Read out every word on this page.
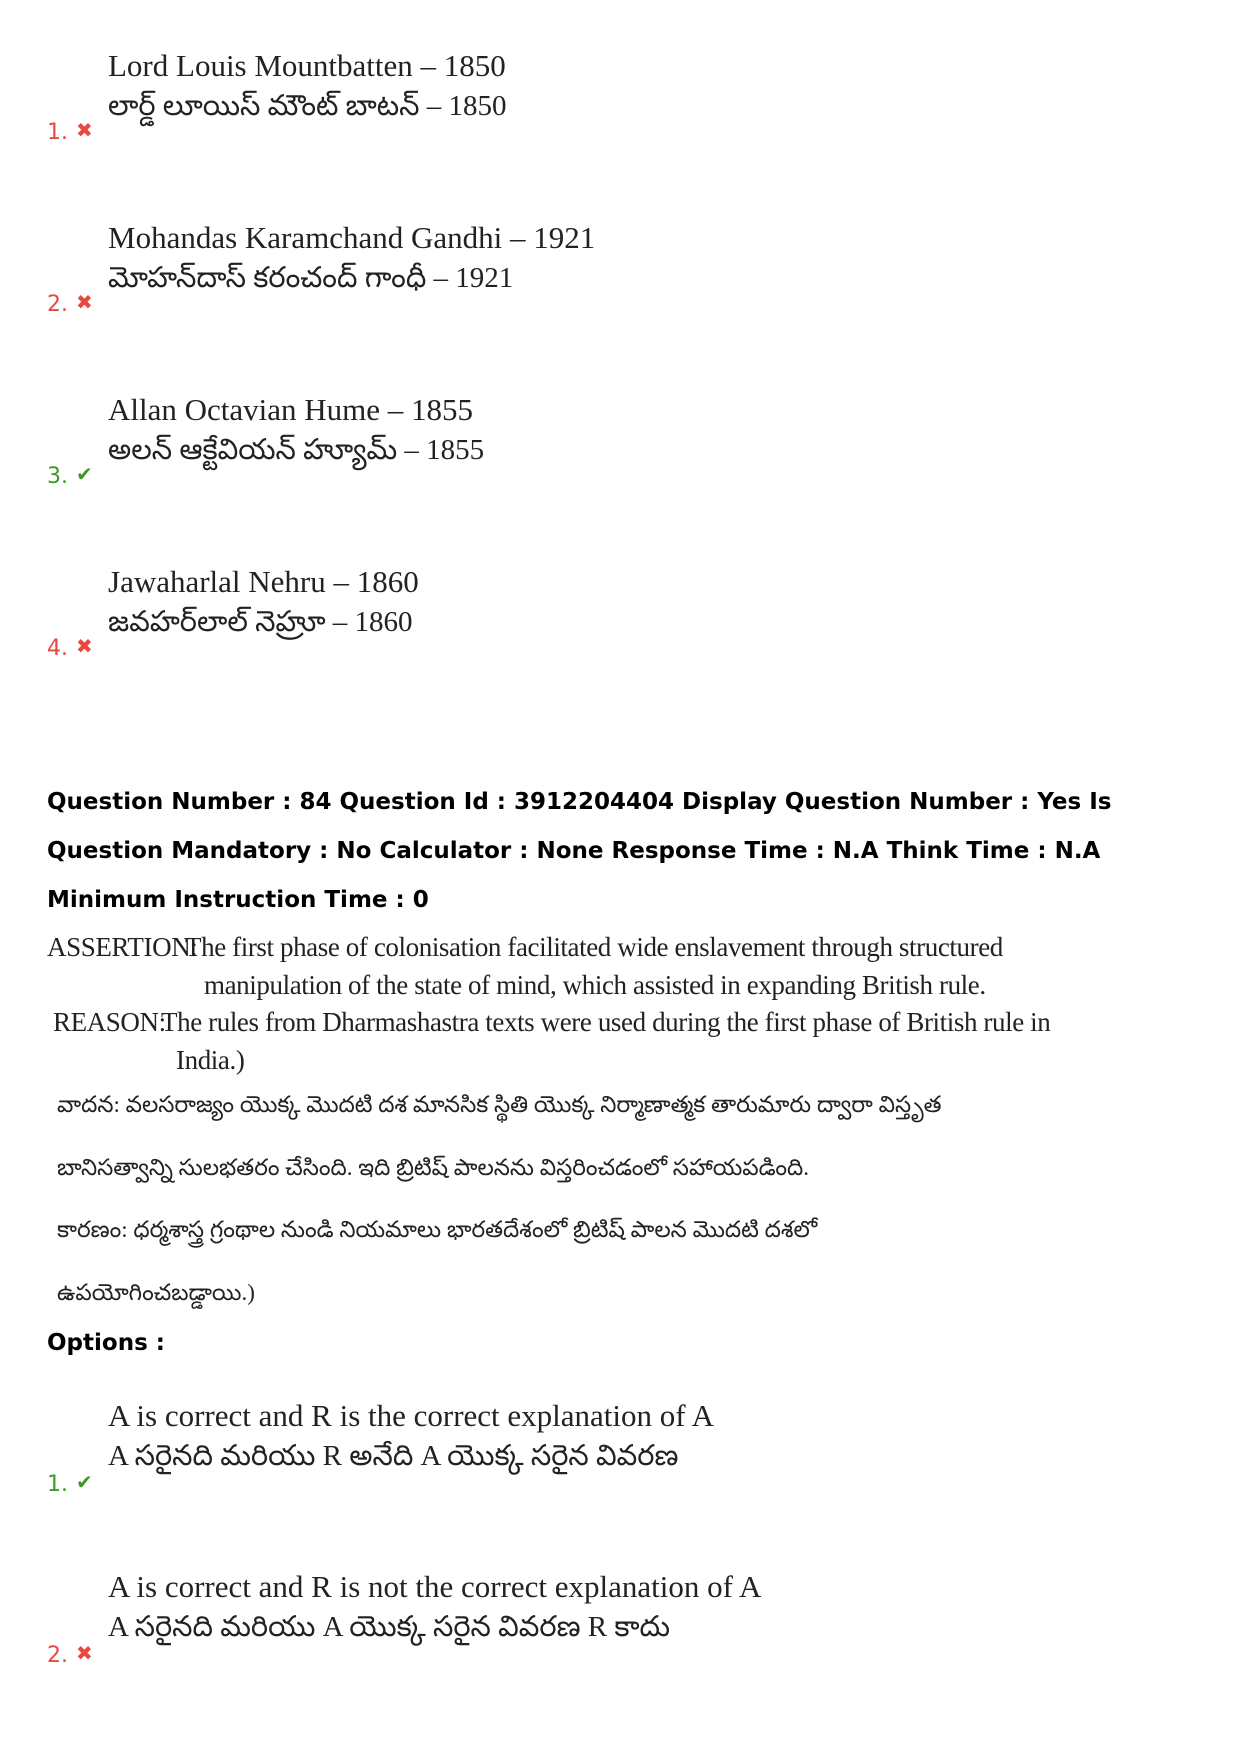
Lord Louis Mountbatten – 1850
లార్డ్ లూయిస్ మౌంట్ బాటన్ – 1850
1. ✖
Mohandas Karamchand Gandhi – 1921
మోహన్‌దాస్ కరంచంద్ గాంధీ – 1921
2. ✖
Allan Octavian Hume – 1855
అలన్ ఆక్టేవియన్ హ్యూమ్ – 1855
3. ✔
Jawaharlal Nehru – 1860
జవహర్‌లాల్ నెహ్రూ – 1860
4. ✖
Question Number : 84 Question Id : 3912204404 Display Question Number : Yes Is Question Mandatory : No Calculator : None Response Time : N.A Think Time : N.A Minimum Instruction Time : 0
ASSERTION:
The first phase of colonisation facilitated wide enslavement through structured
manipulation of the state of mind, which assisted in expanding British rule.
REASON:
The rules from Dharmashastra texts were used during the first phase of British rule in
India.)
వాదన: వలసరాజ్యం యొక్క మొదటి దశ మానసిక స్థితి యొక్క నిర్మాణాత్మక తారుమారు ద్వారా విస్తృత
బానిసత్వాన్ని సులభతరం చేసింది. ఇది బ్రిటిష్ పాలనను విస్తరించడంలో సహాయపడింది.
కారణం: ధర్మశాస్త్ర గ్రంథాల నుండి నియమాలు భారతదేశంలో బ్రిటిష్ పాలన మొదటి దశలో
ఉపయోగించబడ్డాయి.)
Options :
A is correct and R is the correct explanation of A
A సరైనది మరియు R అనేది A యొక్క సరైన వివరణ
1. ✔
A is correct and R is not the correct explanation of A
A సరైనది మరియు A యొక్క సరైన వివరణ R కాదు
2. ✖
